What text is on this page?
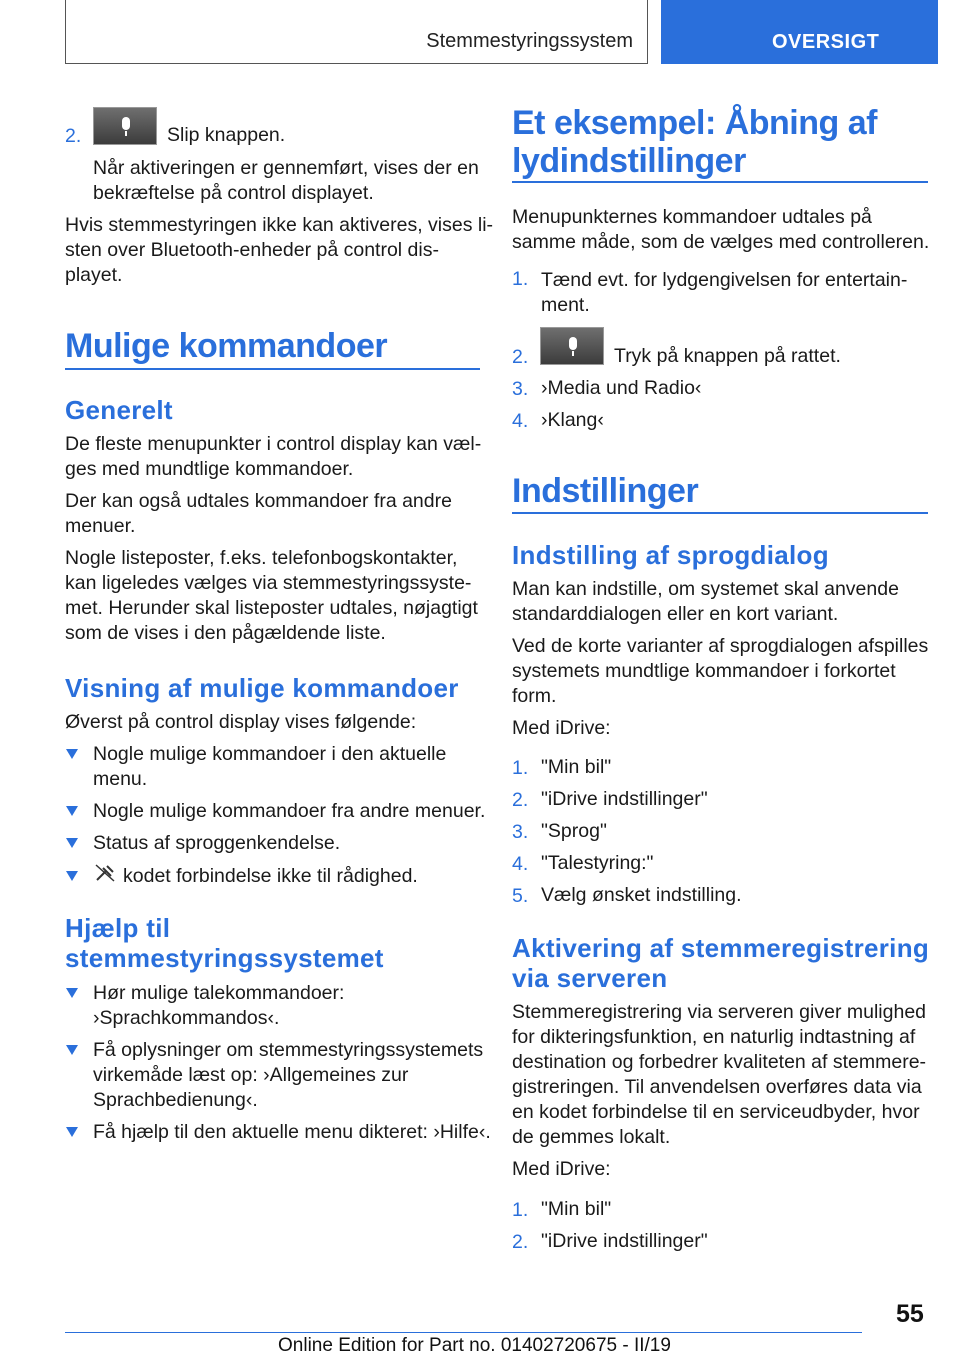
Stemmestyringssystem	OVERSIGT
2.	Slip knappen.
Når aktiveringen er gennemført, vises der en
bekræftelse på control displayet.
Hvis stemmestyringen ikke kan aktiveres, vises li-
sten over Bluetooth-enheder på control dis-
playet.
Mulige kommandoer
Generelt
De fleste menupunkter i control display kan væl-
ges med mundtlige kommandoer.
Der kan også udtales kommandoer fra andre
menuer.
Nogle listeposter, f.eks. telefonbogskontakter,
kan ligeledes vælges via stemmestyringssyste-
met. Herunder skal listeposter udtales, nøjagtigt
som de vises i den pågældende liste.
Visning af mulige kommandoer
Øverst på control display vises følgende:
Nogle mulige kommandoer i den aktuelle
menu.
Nogle mulige kommandoer fra andre menuer.
Status af sproggenkendelse.
kodet forbindelse ikke til rådighed.
Hjælp til
stemmestyringssystemet
Hør mulige talekommandoer:
›Sprachkommandos‹.
Få oplysninger om stemmestyringssystemets
virkemåde læst op: ›Allgemeines zur
Sprachbedienung‹.
Få hjælp til den aktuelle menu dikteret: ›Hilfe‹.
Et eksempel: Åbning af
lydindstillinger
Menupunkternes kommandoer udtales på
samme måde, som de vælges med controlleren.
1. Tænd evt. for lydgengivelsen for entertain-
ment.
2.	Tryk på knappen på rattet.
3. ›Media und Radio‹
4. ›Klang‹
Indstillinger
Indstilling af sprogdialog
Man kan indstille, om systemet skal anvende
standarddialogen eller en kort variant.
Ved de korte varianter af sprogdialogen afspilles
systemets mundtlige kommandoer i forkortet
form.
Med iDrive:
1. "Min bil"
2. "iDrive indstillinger"
3. "Sprog"
4. "Talestyring:"
5. Vælg ønsket indstilling.
Aktivering af stemmeregistrering
via serveren
Stemmeregistrering via serveren giver mulighed
for dikteringsfunktion, en naturlig indtastning af
destination og forbedrer kvaliteten af stemmere-
gistreringen. Til anvendelsen overføres data via
en kodet forbindelse til en serviceudbyder, hvor
de gemmes lokalt.
Med iDrive:
1. "Min bil"
2. "iDrive indstillinger"
55
Online Edition for Part no. 01402720675 - II/19
